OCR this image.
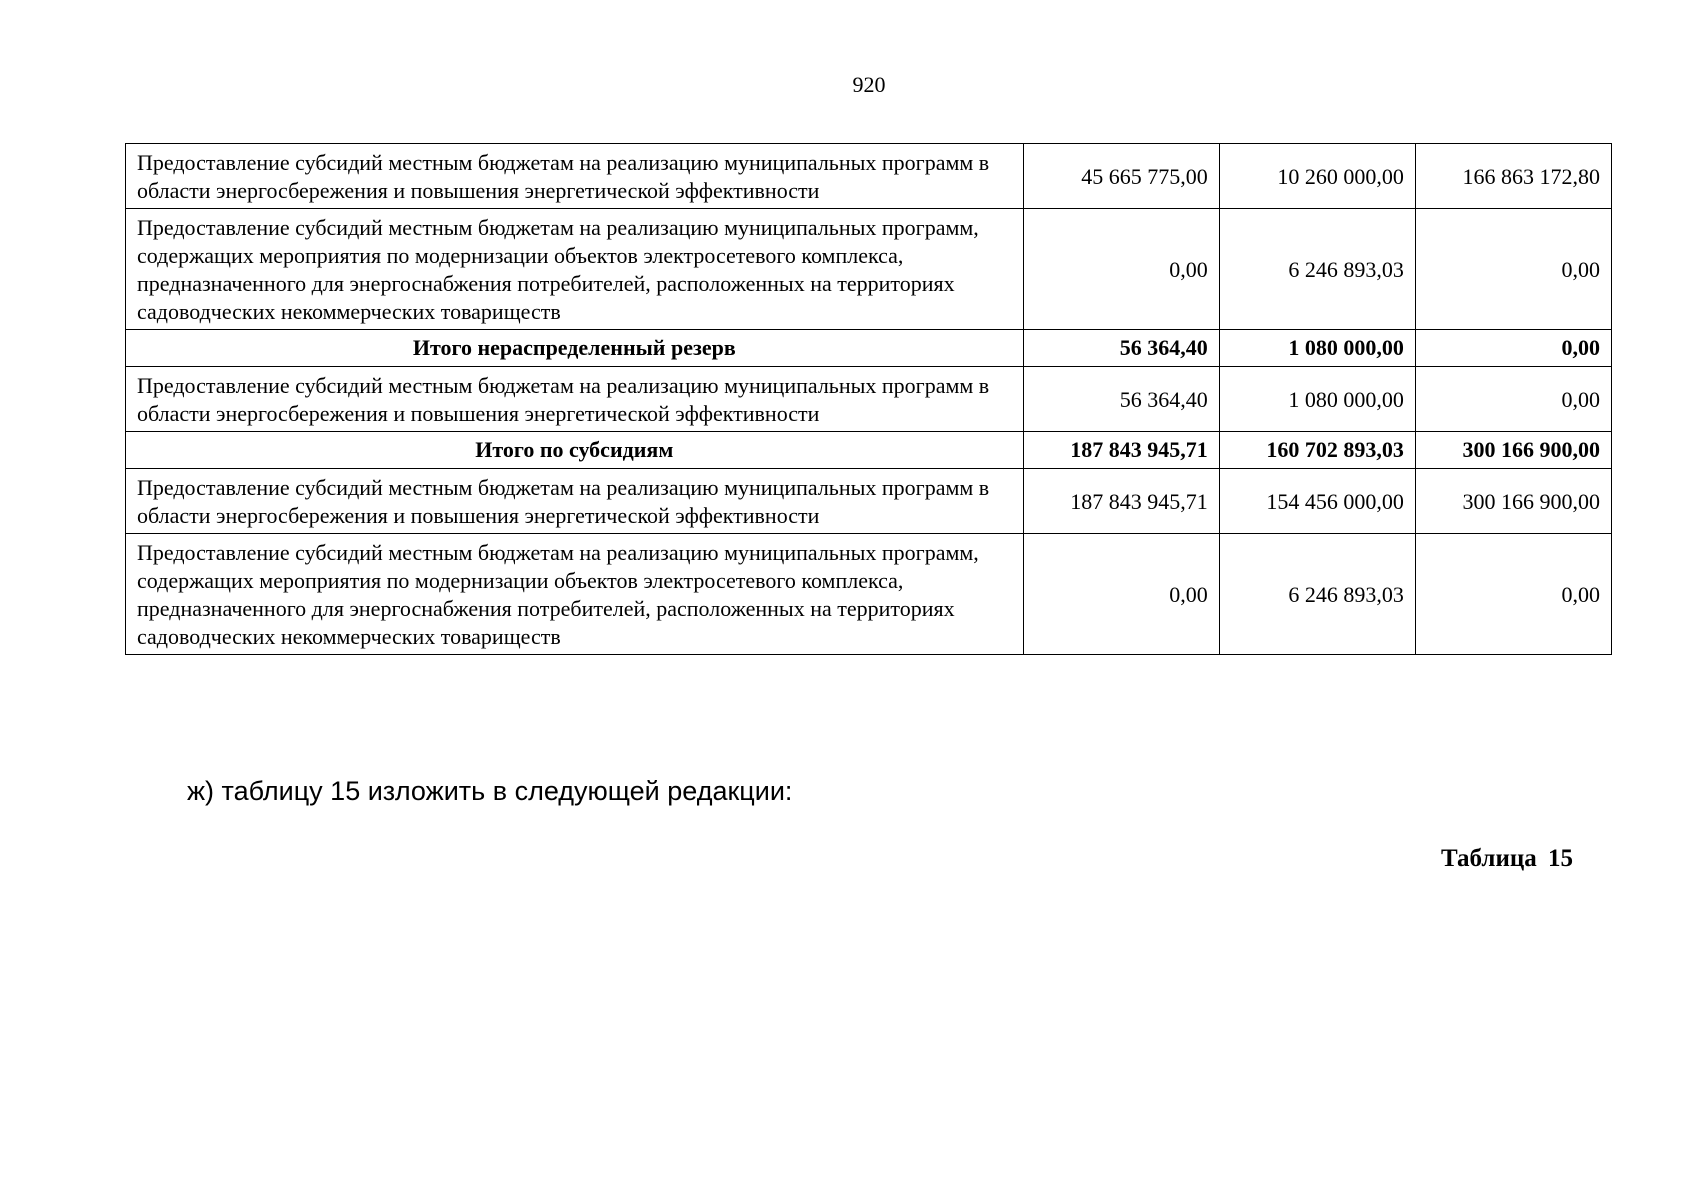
920
Предоставление субсидий местным бюджетам на реализацию муниципальных программ в области энергосбережения и повышения энергетической эффективности	45 665 775,00	10 260 000,00	166 863 172,80
Предоставление субсидий местным бюджетам на реализацию муниципальных программ, содержащих мероприятия по модернизации объектов электросетевого комплекса, предназначенного для энергоснабжения потребителей, расположенных на территориях садоводческих некоммерческих товариществ	0,00	6 246 893,03	0,00
Итого нераспределенный резерв	56 364,40	1 080 000,00	0,00
Предоставление субсидий местным бюджетам на реализацию муниципальных программ в области энергосбережения и повышения энергетической эффективности	56 364,40	1 080 000,00	0,00
Итого по субсидиям	187 843 945,71	160 702 893,03	300 166 900,00
Предоставление субсидий местным бюджетам на реализацию муниципальных программ в области энергосбережения и повышения энергетической эффективности	187 843 945,71	154 456 000,00	300 166 900,00
Предоставление субсидий местным бюджетам на реализацию муниципальных программ, содержащих мероприятия по модернизации объектов электросетевого комплекса, предназначенного для энергоснабжения потребителей, расположенных на территориях садоводческих некоммерческих товариществ	0,00	6 246 893,03	0,00
ж) таблицу 15 изложить в следующей редакции:
Таблица 15
